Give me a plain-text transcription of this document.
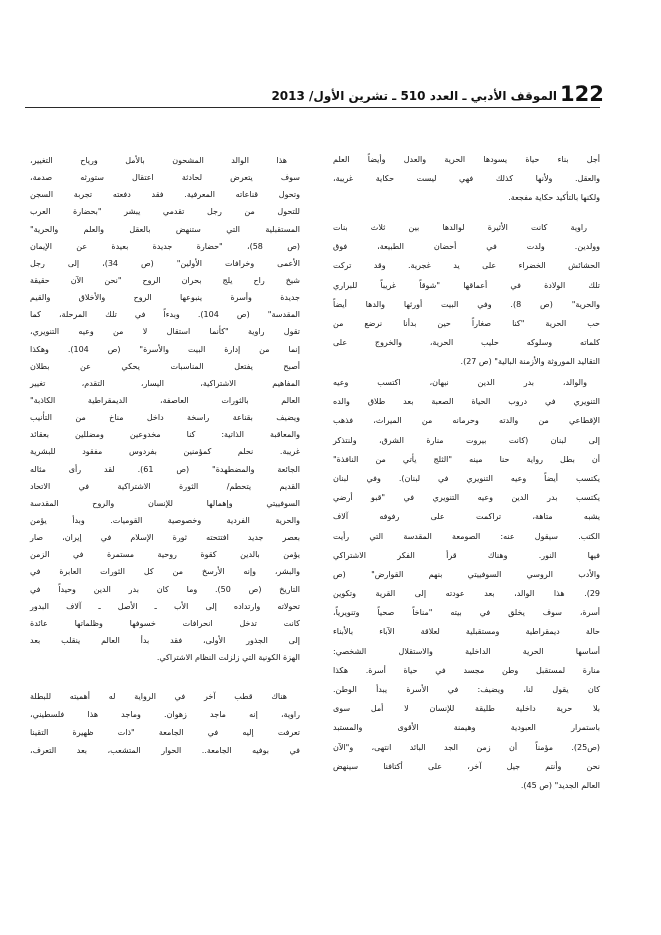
122
الموقف الأدبي ـ العدد 510 ـ تشرين الأول/ 2013
أجل بناء حياة يسودها الحرية والعدل وأيضاً العلم
والعقل. ولأنها كذلك فهي ليست حكاية غريبة،
ولكنها بالتأكيد حكاية مفجعة.
راوية كانت الأثيرة لوالدها بين ثلاث بنات
وولدين. ولدت في أحضان الطبيعة، فوق
الحشائش الخضراء على يد غجرية. وقد تركت
تلك الولادة في أعماقها "شوقاً غريباً للبراري
والحرية" (ص 8). وفي البيت أورثها والدها أيضاً
حب الحرية "كنا صغاراً حين بدأنا نرضع من
كلماته وسلوكه حليب الحرية، والخروج على
التقاليد الموروثة والأزمنة البالية" (ص 27).
والوالد، بدر الدين نبهان، اكتسب وعيه
التنويري في دروب الحياة الصعبة بعد طلاق والده
الإقطاعي من والدته وحرمانه من الميراث، فذهب
إلى لبنان (كانت بيروت منارة الشرق، ولنتذكر
أن بطل رواية حنا مينه "الثلج يأتي من النافذة"
يكتسب أيضاً وعيه التنويري في لبنان). وفي لبنان
يكتسب بدر الدين وعيه التنويري في "قبو أرضي
يشبه متاهة، تراكمت على رفوفه آلاف
الكتب. سيقول عنه: الصومعة المقدسة التي رأيت
فيها النور. وهناك قرأ الفكر الاشتراكي
والأدب الروسي السوفييتي بنهم القوارض" (ص
29). هذا الوالد، بعد عودته إلى القرية وتكوين
أسرة، سوف يخلق في بيته "مناخاً صحياً وتنويرياً،
حالة ديمقراطية ومستقبلية لعلاقة الآباء بالأبناء
أساسها الحرية الداخلية والاستقلال الشخصي:
منارة لمستقبل وطن مجسد في حياة أسرة. هكذا
كان يقول لنا، ويضيف: في الأسرة يبدأ الوطن.
بلا حرية داخلية طليقة للإنسان لا أمل سوى
باستمرار العبودية وهيمنة الأقوى والمستبد
(ص25). مؤمناً أن زمن الجد البائد انتهى، و"الآن
نحن وأنتم جيل آخر، على أكتافنا سينهض
العالم الجديد" (ص 45).
هذا الوالد المشحون بالأمل ورياح التغيير،
سوف يتعرض لحادثة اعتقال ستورثه صدمة،
وتحول قناعاته المعرفية. فقد دفعته تجربة السجن
للتحول من رجل تقدمي يبشر "بحضارة العرب
المستقبلية التي ستنهض بالعقل والعلم والحرية"
(ص 58)، "حضارة جديدة بعيدة عن الإيمان
الأعمى وخرافات الأولين" (ص 34)، إلى رجل
شيخ راح يلج بحران الروح "نحن الآن حقيقة
جديدة وأسرة ينبوعها الروح والأخلاق والقيم
المقدسة" (ص 104). وبدءاً في تلك المرحلة، كما
تقول راوية "كأنما استقال لا من وعيه التنويري،
إنما من إدارة البيت والأسرة" (ص 104). وهكذا
أصبح يفتعل المناسبات يحكي عن بطلان
المفاهيم الاشتراكية، اليسار، التقدم، تغيير
العالم بالثورات العاصفة، الديمقراطية الكاذبة"
ويضيف بقناعة راسخة داخل مناخ من التأنيب
والمعاقبة الذاتية: كنا مخدوعين ومضللين بعقائد
غريبة. نحلم كمؤمنين بفردوس مفقود للبشرية
الجائعة والمضطهدة" (ص 61). لقد رأى مثاله
القديم يتحطم/ الثورة الاشتراكية في الاتحاد
السوفييتي وإهمالها للإنسان والروح المقدسة
والحرية الفردية وخصوصية القوميات. وبدأ يؤمن
بعصر جديد افتتحته ثورة الإسلام في إيران، صار
يؤمن بالدين كقوة روحية مستمرة في الزمن
والبشر، وإنه الأرسخ من كل الثورات العابرة في
التاريخ (ص 50). وما كان بدر الدين وحيداً في
تحولاته وارتداده إلى الأب ـ الأصل ـ آلاف البدور
كانت تدخل انحرافات خسوفها وظلماتها عائدة
إلى الجذور الأولى، فقد بدأ العالم ينقلب بعد
الهزة الكونية التي زلزلت النظام الاشتراكي.
هناك قطب آخر في الرواية له أهميته للبطلة
راوية، إنه ماجد زهوان. وماجد هذا فلسطيني،
تعرفت إليه في الجامعة "ذات ظهيرة التقينا
في بوفيه الجامعة.. الحوار المتشعب، بعد التعرف،
